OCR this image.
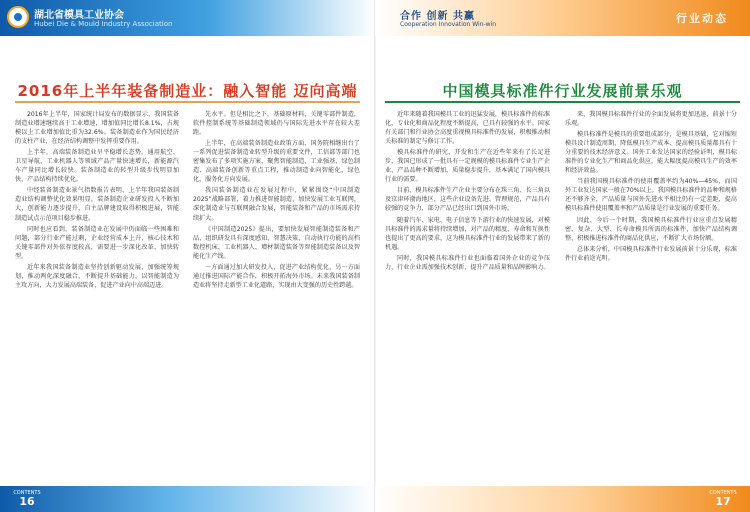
湖北省模具工业协会
Hubei Die & Mould Industry Association
2016年上半年装备制造业：融入智能 迈向高端

2016年上半年，国家统计局发布的数据显示，我国装备制造业增速继续高于工业增速，增加值同比增长8.1%，占规模以上工业增加值比重为32.6%。装备制造业作为国民经济的支柱产业，在经济结构调整中发挥重要作用。

上半年，高端装备制造业呈平稳增长态势，通用航空、卫星导航、工业机器人等领域产品产量快速增长，新能源汽车产量同比增长较快。装备制造业的转型升级步伐明显加快，产品结构持续优化。

中经装备制造业景气指数报告表明，上半年我国装备制造业结构调整优化效果明显。装备制造企业研发投入不断加大，创新能力逐步提升，自主品牌建设取得积极进展，智能制造试点示范项目稳步推进。

同时也应看到，装备制造业在发展中仍面临一些困难和问题，部分行业产能过剩，企业经营成本上升，核心技术和关键零部件对外依存度较高，需要进一步深化改革、加快转型。

近年来我国装备制造业坚持创新驱动发展，加强统筹规划，推动两化深度融合，不断提升基础能力，以智能制造为主攻方向，大力发展高端装备，促进产业向中高端迈进。

先水平。但是相比之下，基础原材料、关键零部件制造，软件控制系统等基础制造领域仍与国际先进水平存在较大差距。

上半年，在高端装备制造业政策方面，国务院相继出台了一系列促进装备制造业转型升级的重要文件，工信部等部门也密集发布了多项实施方案，聚焦智能制造、工业强基、绿色制造、高端装备创新等重点工程，推动制造业向智能化、绿色化、服务化方向发展。

我国装备制造业在发展过程中，紧紧围绕“中国制造2025”战略部署，着力推进智能制造，加快发展工业互联网，深化制造业与互联网融合发展，智能装备和产品的市场需求持续扩大。

《中国制造2025》提出，要加快发展智能制造装备和产品，组织研发具有深度感知、智慧决策、自动执行功能的高档数控机床、工业机器人、增材制造装备等智能制造装备以及智能化生产线。

一方面通过加大研发投入，促进产业结构优化，另一方面通过推进国际产能合作，积极开拓海外市场。未来我国装备制造业将坚持走新型工业化道路，实现由大变强的历史性跨越。

CONTENTS
16
合作 创新 共赢
Cooperation Innovation Win-win	行业动态
中国模具标准件行业发展前景乐观

近年来随着我国模具工业的迅猛发展，模具标准件的标准化、专业化和商品化程度不断提高，已具有较强的水平。国家有关部门和行业协会高度重视模具标准件的发展，积极推动相关标准的制定与修订工作。

模具标准件的研究、开发和生产在近些年来有了长足进步，我国已形成了一批具有一定规模的模具标准件专业生产企业，产品品种不断增加，质量稳步提升，基本满足了国内模具行业的需要。

目前，模具标准件生产企业主要分布在珠三角、长三角以及京津环渤海地区，这些企业设备先进、管理规范，产品具有较强的竞争力，部分产品已经出口到国外市场。

随着汽车、家电、电子信息等下游行业的快速发展，对模具标准件的需求量将持续增加，对产品的精度、寿命和互换性也提出了更高的要求，这为模具标准件行业的发展带来了新的机遇。

同时，我国模具标准件行业也面临着国外企业的竞争压力，行业企业需加强技术创新，提升产品质量和品牌影响力。

来，我国模具标准件行业的全面发展将更加迅速，前景十分乐观。

模具标准件是模具的重要组成部分，是模具基础，它对缩短模具设计制造周期、降低模具生产成本、提高模具质量都具有十分重要的技术经济意义。国外工业发达国家的经验证明，模具标准件的专业化生产和商品化供应，能大幅度提高模具生产的效率和经济效益。

当前我国模具标准件的使用覆盖率约为40%—45%，而国外工业发达国家一般在70%以上。我国模具标准件的品种和规格还不够齐全，产品质量与国外先进水平相比仍有一定差距，提高模具标准件使用覆盖率和产品质量是行业发展的重要任务。

因此，今后一个时期，我国模具标准件行业应重点发展精密、复杂、大型、长寿命模具所需的标准件，加快产品结构调整，积极推进标准件的商品化供应，不断扩大市场份额。

总体来分析，中国模具标准件行业发展前景十分乐观，标准件行业前途光明。

CONTENTS
17
